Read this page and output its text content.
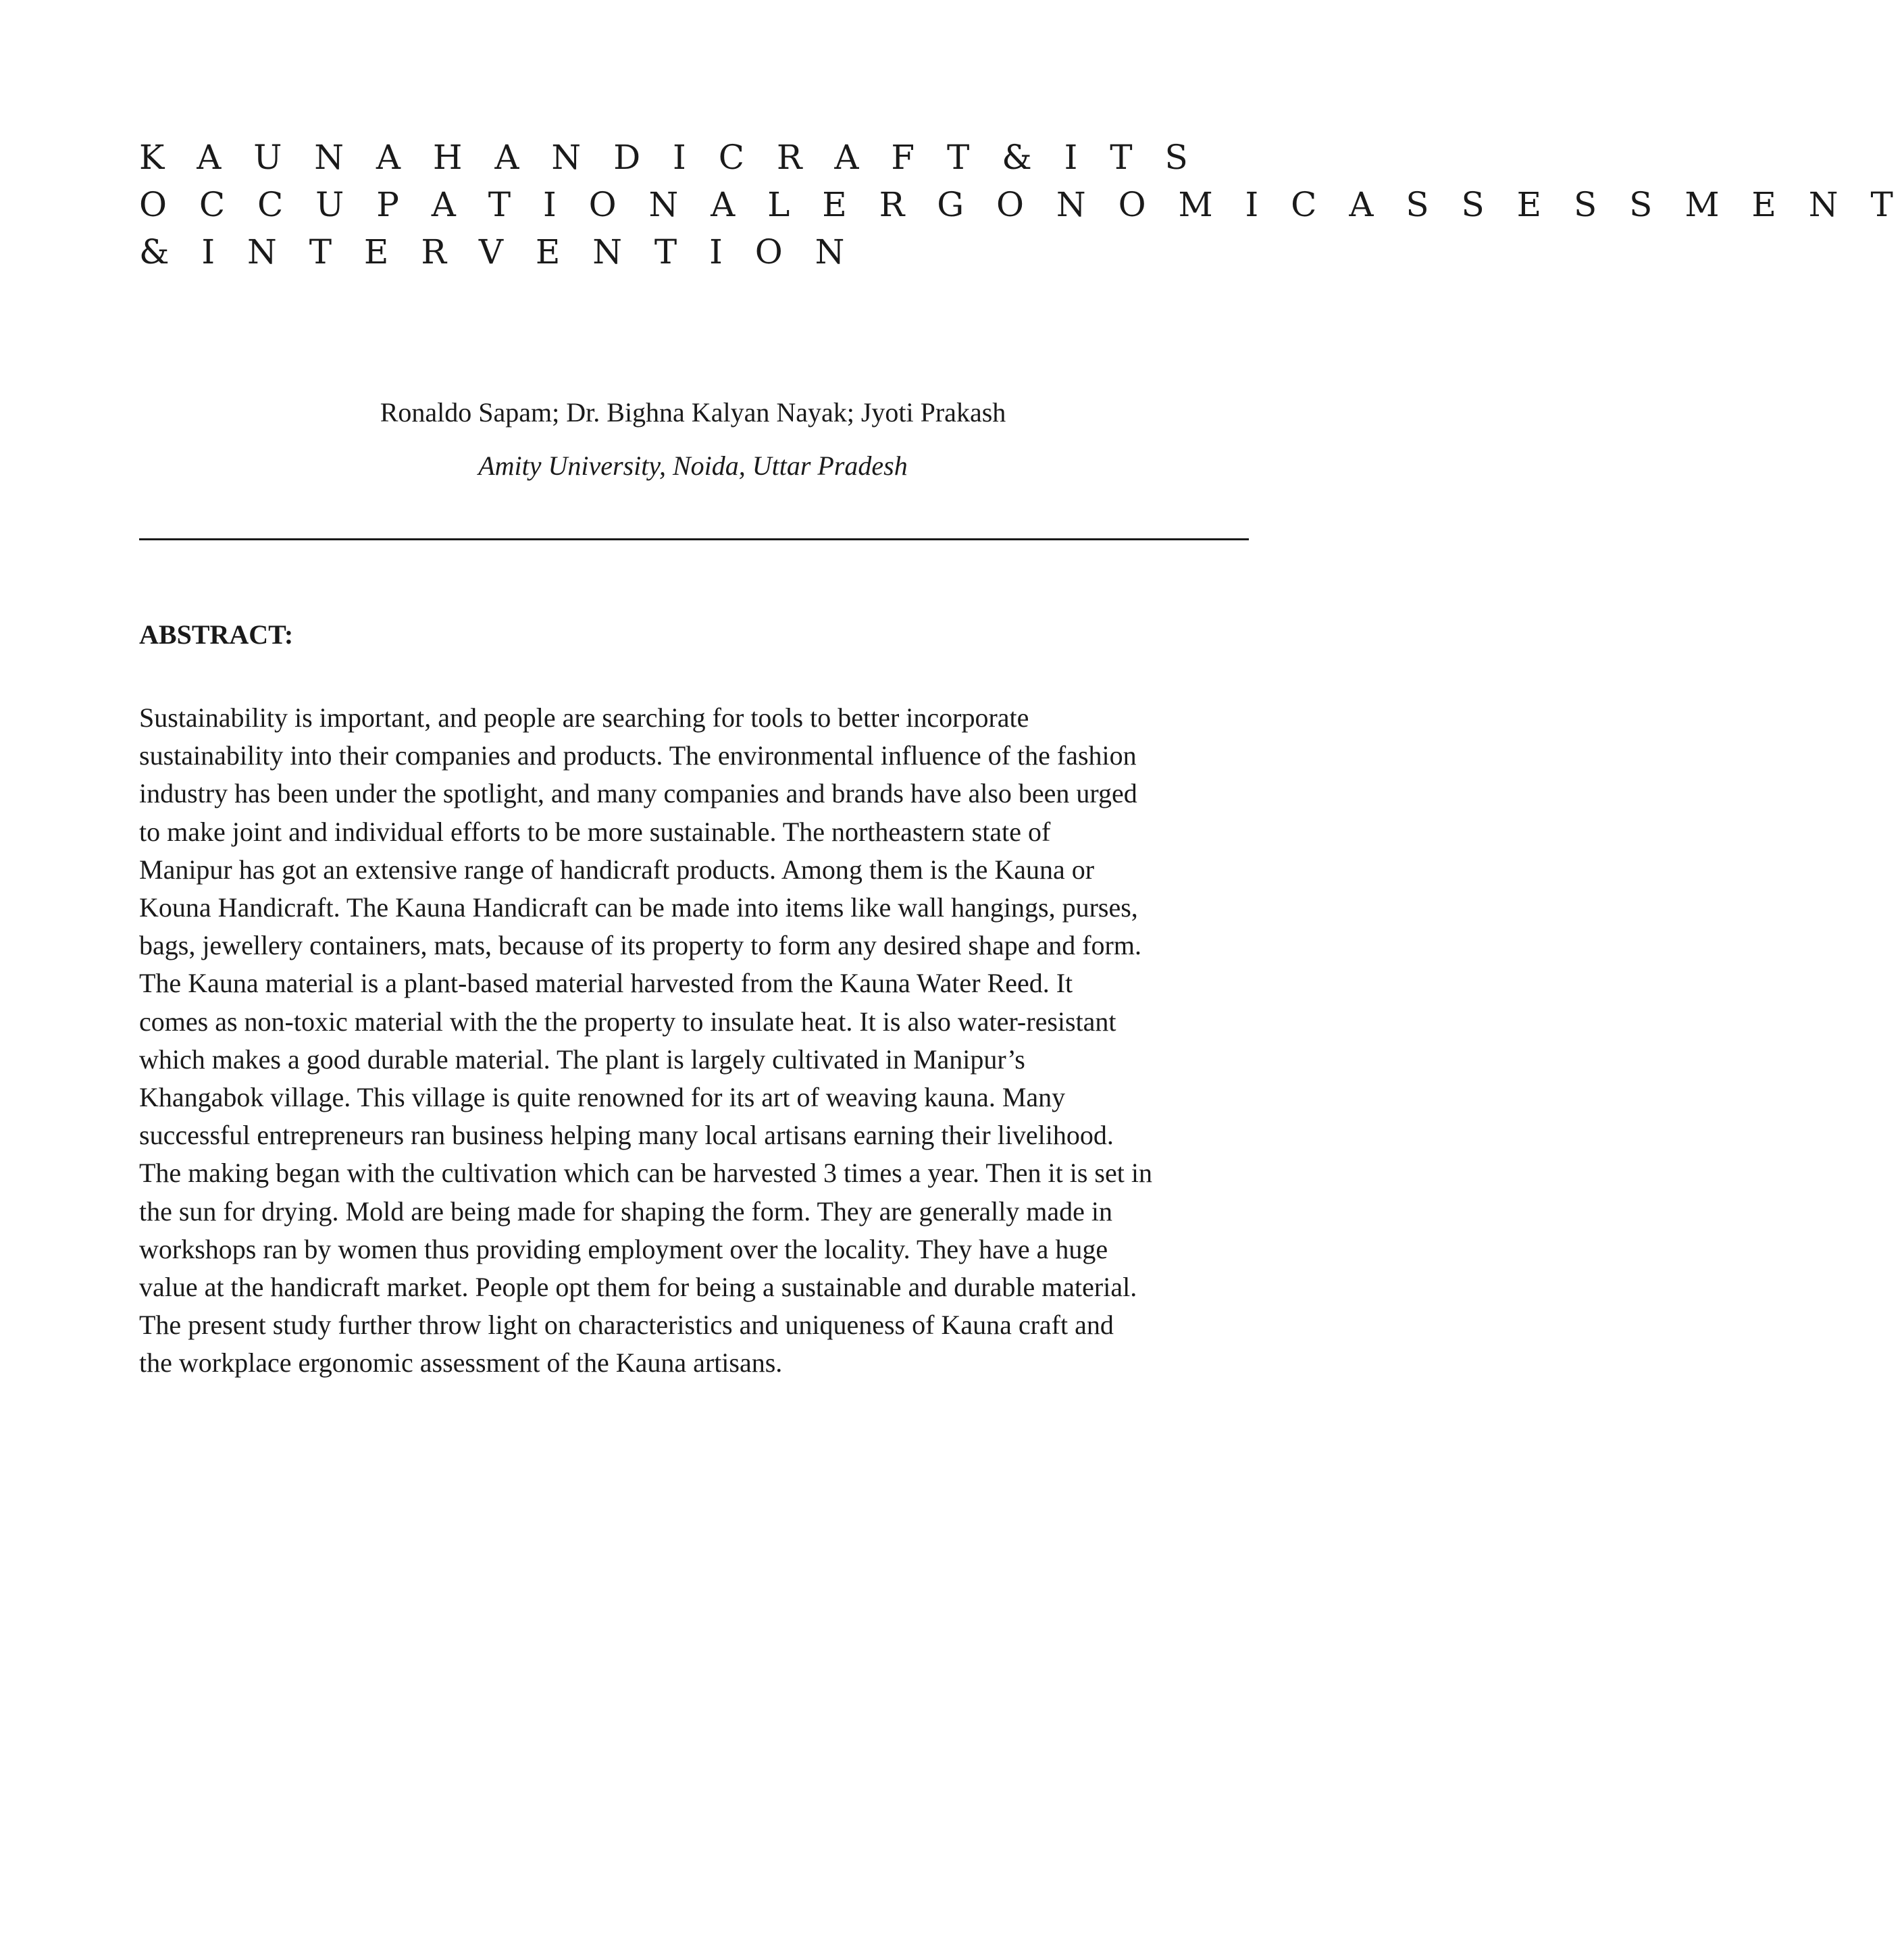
K A U N A H A N D I C R A F T & I T S
O C C U P A T I O N A L E R G O N O M I C A S S E S S M E N T
& I N T E R V E N T I O N
Ronaldo Sapam; Dr. Bighna Kalyan Nayak; Jyoti Prakash
Amity University, Noida, Uttar Pradesh
ABSTRACT:
Sustainability is important, and people are searching for tools to better incorporate
sustainability into their companies and products. The environmental influence of the fashion
industry has been under the spotlight, and many companies and brands have also been urged
to make joint and individual efforts to be more sustainable. The northeastern state of
Manipur has got an extensive range of handicraft products. Among them is the Kauna or
Kouna Handicraft. The Kauna Handicraft can be made into items like wall hangings, purses,
bags, jewellery containers, mats, because of its property to form any desired shape and form.
The Kauna material is a plant-based material harvested from the Kauna Water Reed. It
comes as non-toxic material with the the property to insulate heat. It is also water-resistant
which makes a good durable material. The plant is largely cultivated in Manipur’s
Khangabok village. This village is quite renowned for its art of weaving kauna. Many
successful entrepreneurs ran business helping many local artisans earning their livelihood.
The making began with the cultivation which can be harvested 3 times a year. Then it is set in
the sun for drying. Mold are being made for shaping the form. They are generally made in
workshops ran by women thus providing employment over the locality. They have a huge
value at the handicraft market. People opt them for being a sustainable and durable material.
The present study further throw light on characteristics and uniqueness of Kauna craft and
the workplace ergonomic assessment of the Kauna artisans.
